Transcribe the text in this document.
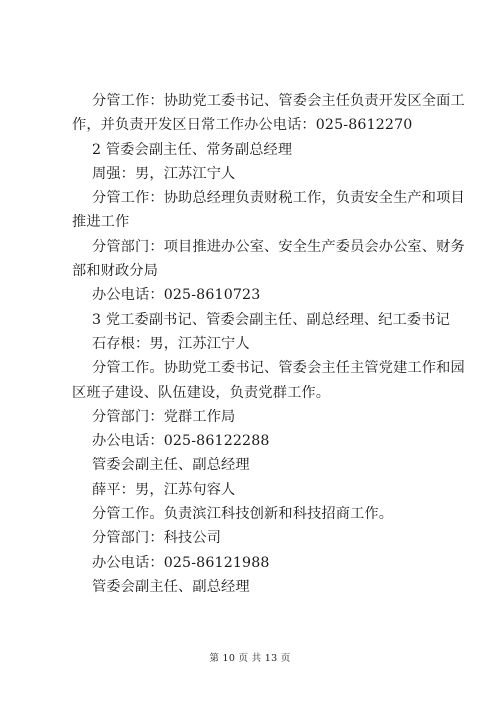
分管工作：协助党工委书记、管委会主任负责开发区全面工
作，并负责开发区日常工作办公电话：025-8612270
2 管委会副主任、常务副总经理
周强：男，江苏江宁人
分管工作：协助总经理负责财税工作，负责安全生产和项目
推进工作
分管部门：项目推进办公室、安全生产委员会办公室、财务
部和财政分局
办公电话：025-8610723
3 党工委副书记、管委会副主任、副总经理、纪工委书记
石存根：男，江苏江宁人
分管工作。协助党工委书记、管委会主任主管党建工作和园
区班子建设、队伍建设，负责党群工作。
分管部门：党群工作局
办公电话：025-86122288
管委会副主任、副总经理
薛平：男，江苏句容人
分管工作。负责滨江科技创新和科技招商工作。
分管部门：科技公司
办公电话：025-86121988
管委会副主任、副总经理
第 10 页 共 13 页
